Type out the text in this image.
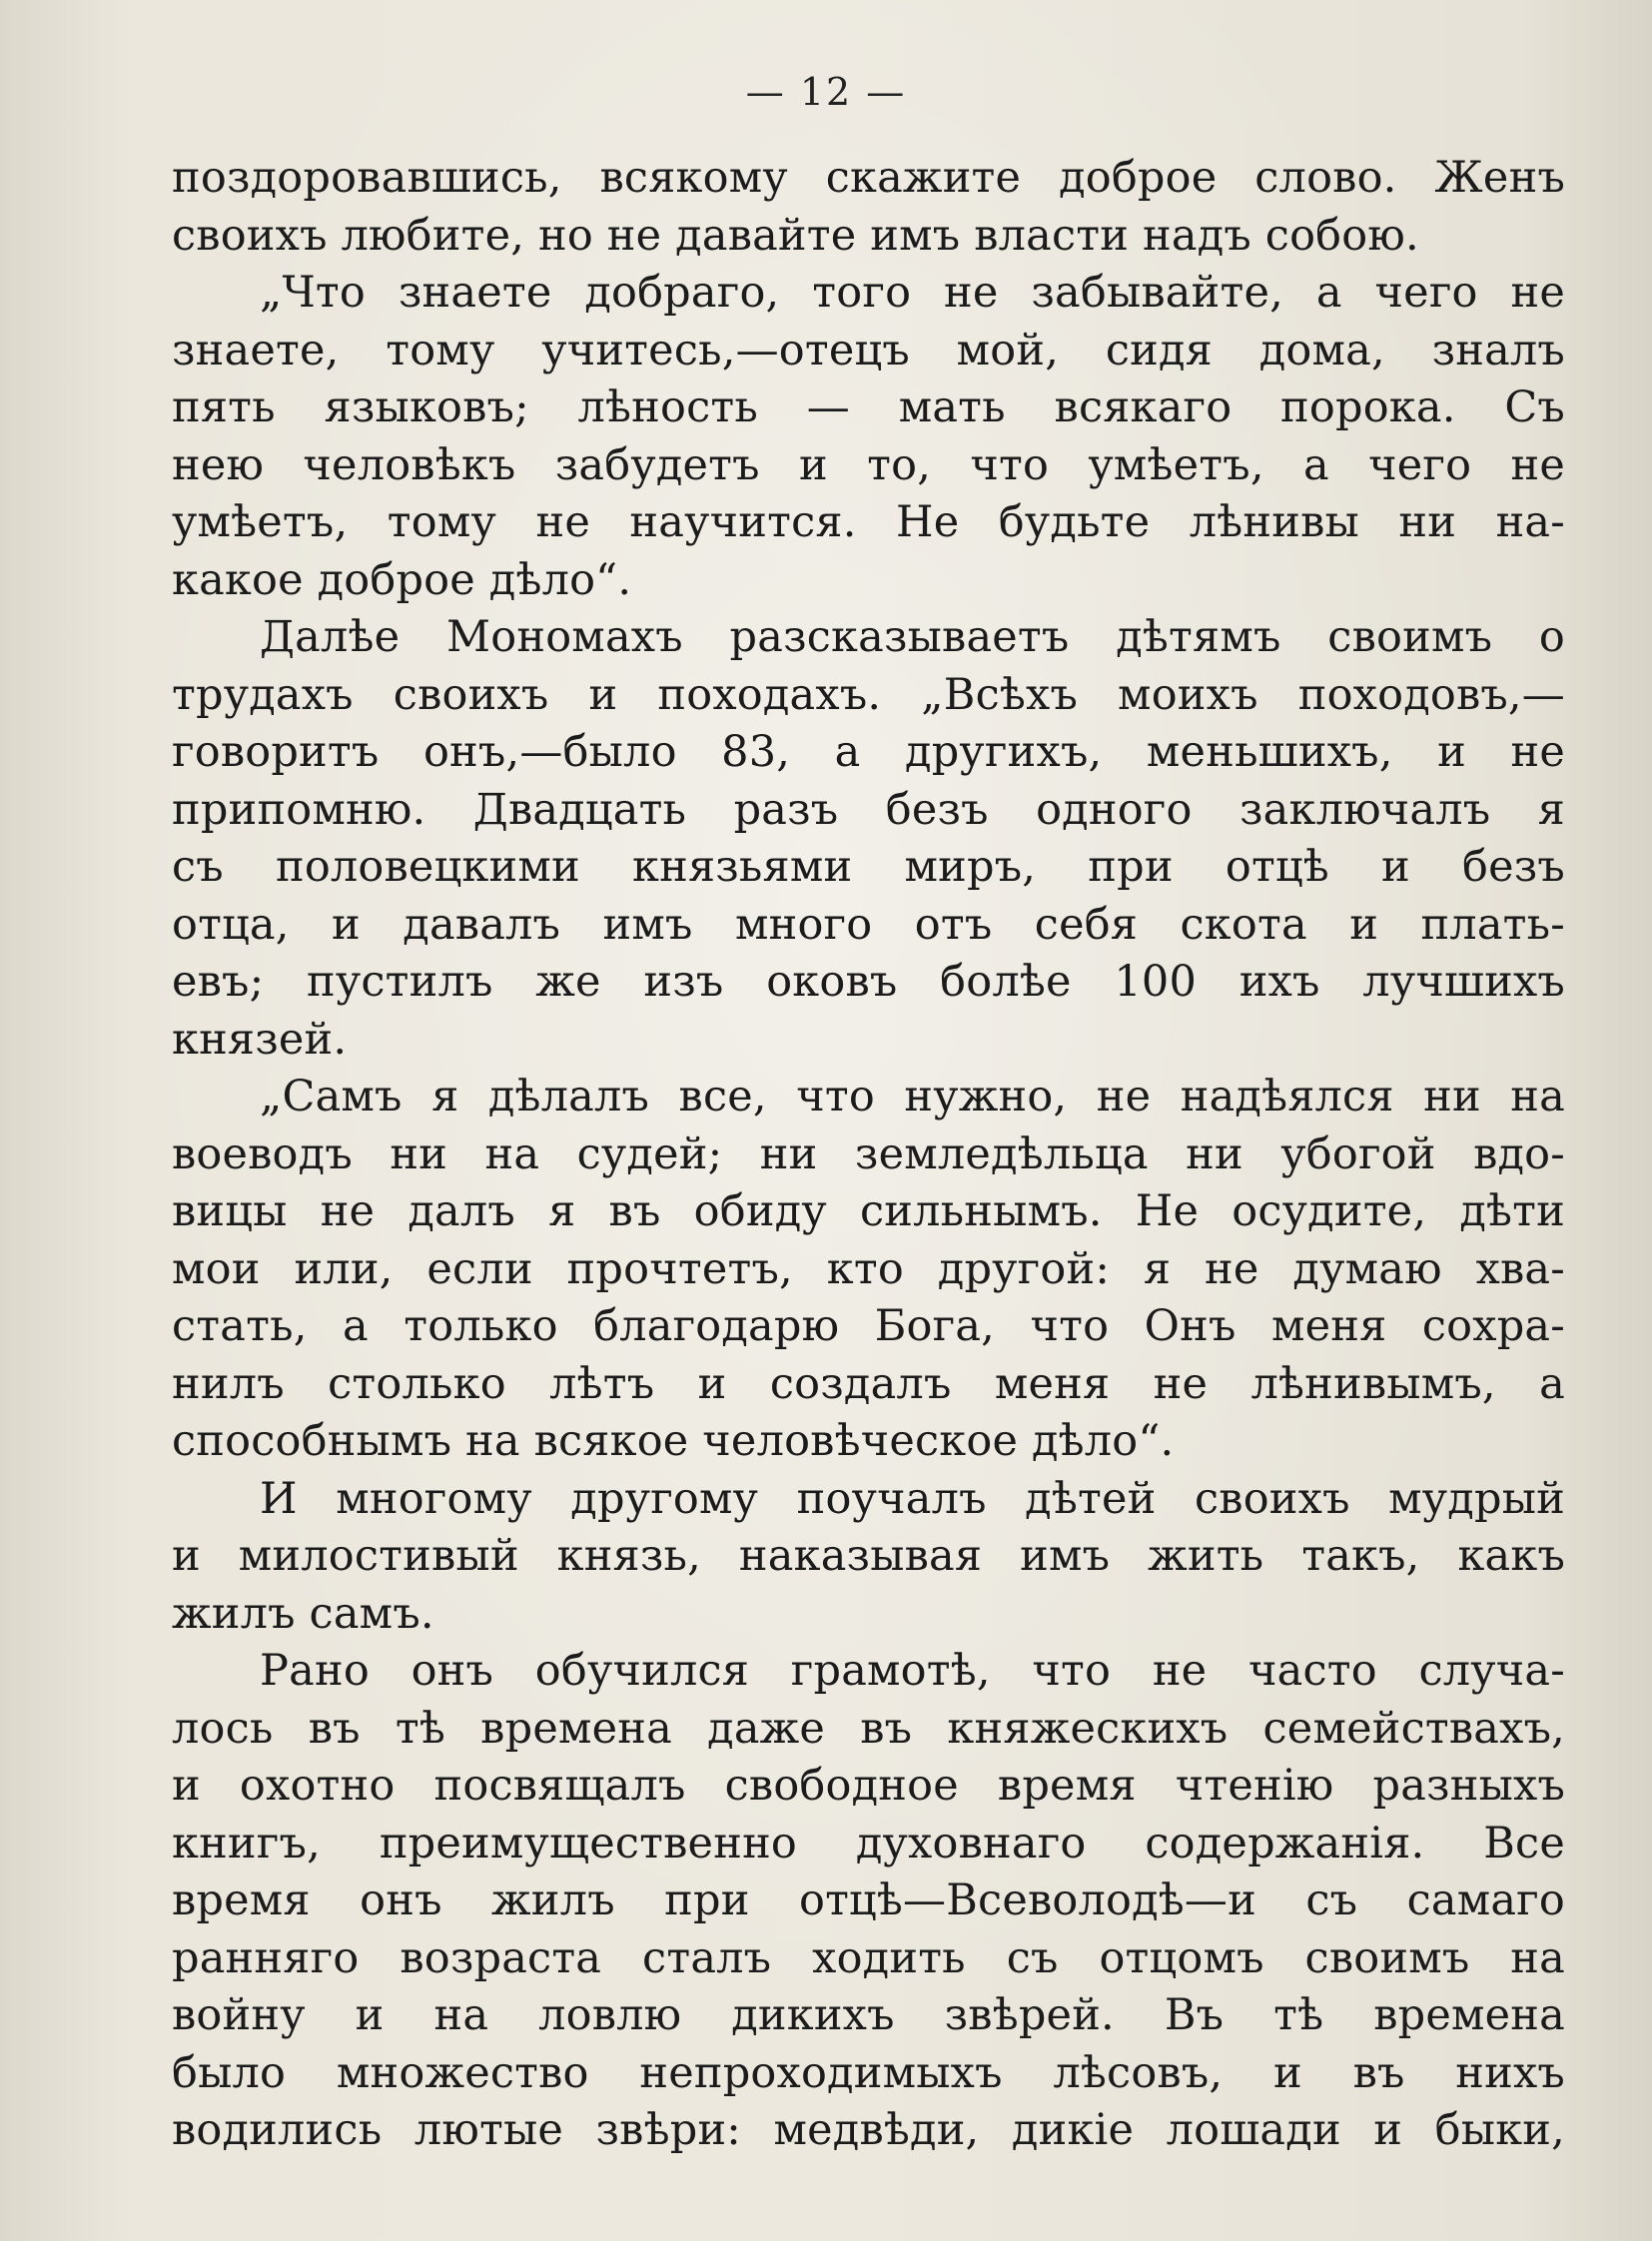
— 12 —
поздоровавшись, всякому скажите доброе слово. Женъ
своихъ любите, но не давайте имъ власти надъ собою.
„Что знаете добраго, того не забывайте, а чего не
знаете, тому учитесь,—отецъ мой, сидя дома, зналъ
пять языковъ; лѣность — мать всякаго порока. Съ
нею человѣкъ забудетъ и то, что умѣетъ, а чего не
умѣетъ, тому не научится. Не будьте лѣнивы ни на-
какое доброе дѣло“.
Далѣе Мономахъ разсказываетъ дѣтямъ своимъ о
трудахъ своихъ и походахъ. „Всѣхъ моихъ походовъ,—
говоритъ онъ,—было 83, а другихъ, меньшихъ, и не
припомню. Двадцать разъ безъ одного заключалъ я
съ половецкими князьями миръ, при отцѣ и безъ
отца, и давалъ имъ много отъ себя скота и плать-
евъ; пустилъ же изъ оковъ болѣе 100 ихъ лучшихъ
князей.
„Самъ я дѣлалъ все, что нужно, не надѣялся ни на
воеводъ ни на судей; ни земледѣльца ни убогой вдо-
вицы не далъ я въ обиду сильнымъ. Не осудите, дѣти
мои или, если прочтетъ, кто другой: я не думаю хва-
стать, а только благодарю Бога, что Онъ меня сохра-
нилъ столько лѣтъ и создалъ меня не лѣнивымъ, а
способнымъ на всякое человѣческое дѣло“.
И многому другому поучалъ дѣтей своихъ мудрый
и милостивый князь, наказывая имъ жить такъ, какъ
жилъ самъ.
Рано онъ обучился грамотѣ, что не часто случа-
лось въ тѣ времена даже въ княжескихъ семействахъ,
и охотно посвящалъ свободное время чтенію разныхъ
книгъ, преимущественно духовнаго содержанія. Все
время онъ жилъ при отцѣ—Всеволодѣ—и съ самаго
ранняго возраста сталъ ходить съ отцомъ своимъ на
войну и на ловлю дикихъ звѣрей. Въ тѣ времена
было множество непроходимыхъ лѣсовъ, и въ нихъ
водились лютые звѣри: медвѣди, дикіе лошади и быки,
